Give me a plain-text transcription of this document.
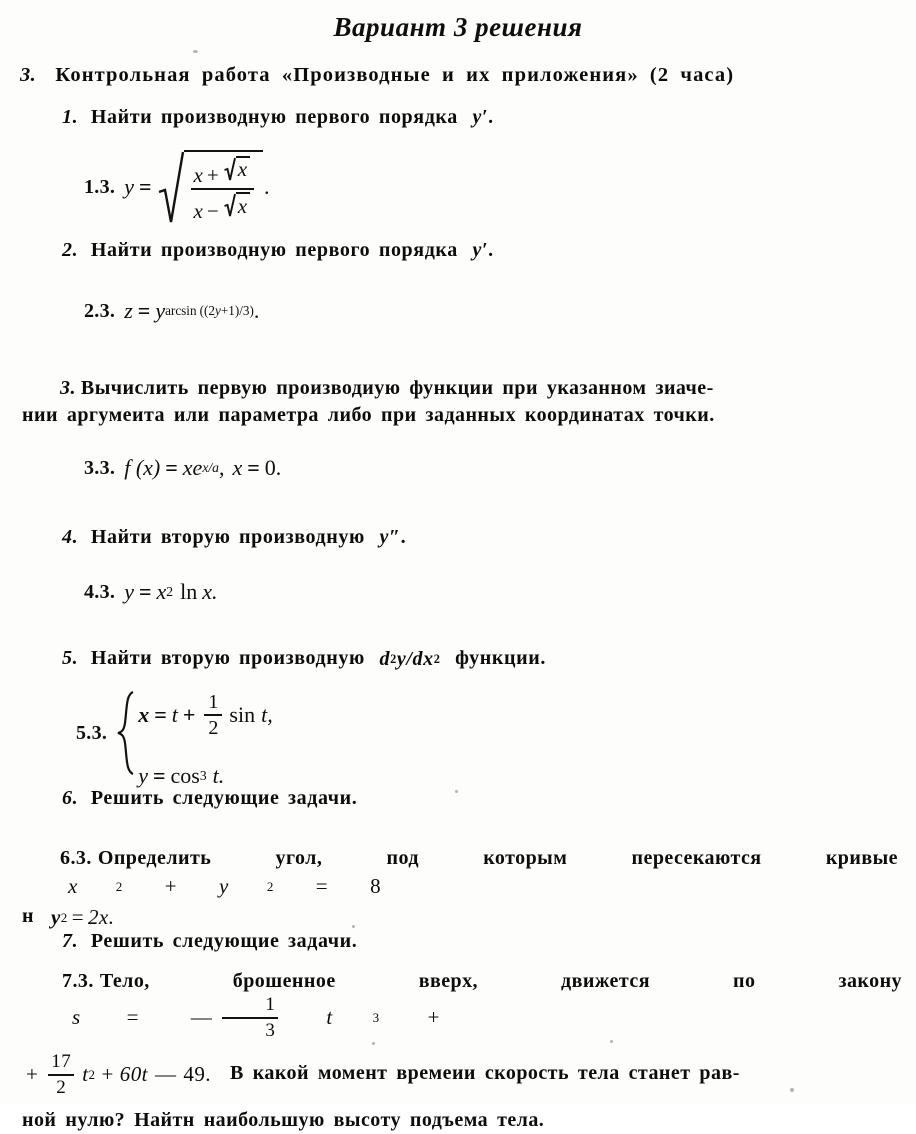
Вариант 3 решения
3. Контрольная работа «Производные и их приложения» (2 часа)
1. Найти производную первого порядка y′.
1.3. $y = \frac{x + x}{x - x}$ .
2. Найти производную первого порядка y′.
2.3. z = y arcsin ((2y+1)/3) .
3. Вычислить первую производиую функции при указанном зиаче-
нии аргумеита или параметра либо при заданных координатах точки.
3.3. f (x) = xe x/a , x = 0.
4. Найти вторую производную y″.
4.3. y = x 2 ln x.
5. Найти вторую производную d 2 y /d x 2 функции.
5.3.
$x = t + \frac{1}{2}$ sin t,
y = cos 3 t.
6. Решить следующие задачи.
6.3. Определить угол, под которым пересекаются кривые
x	2	+	y	2	=	8
н y 2 = 2x.
7. Решить следующие задачи.
7.3. Тело, брошенное вверх, движется по закону
s	=	— $\frac{1}{3}$	t	3	+
+ $\frac{17}{2}$ t 2 + 60t — 49. В какой момент времеии скорость тела станет рав-
ной нулю? Найтн наибольшую высоту подъема тела.
